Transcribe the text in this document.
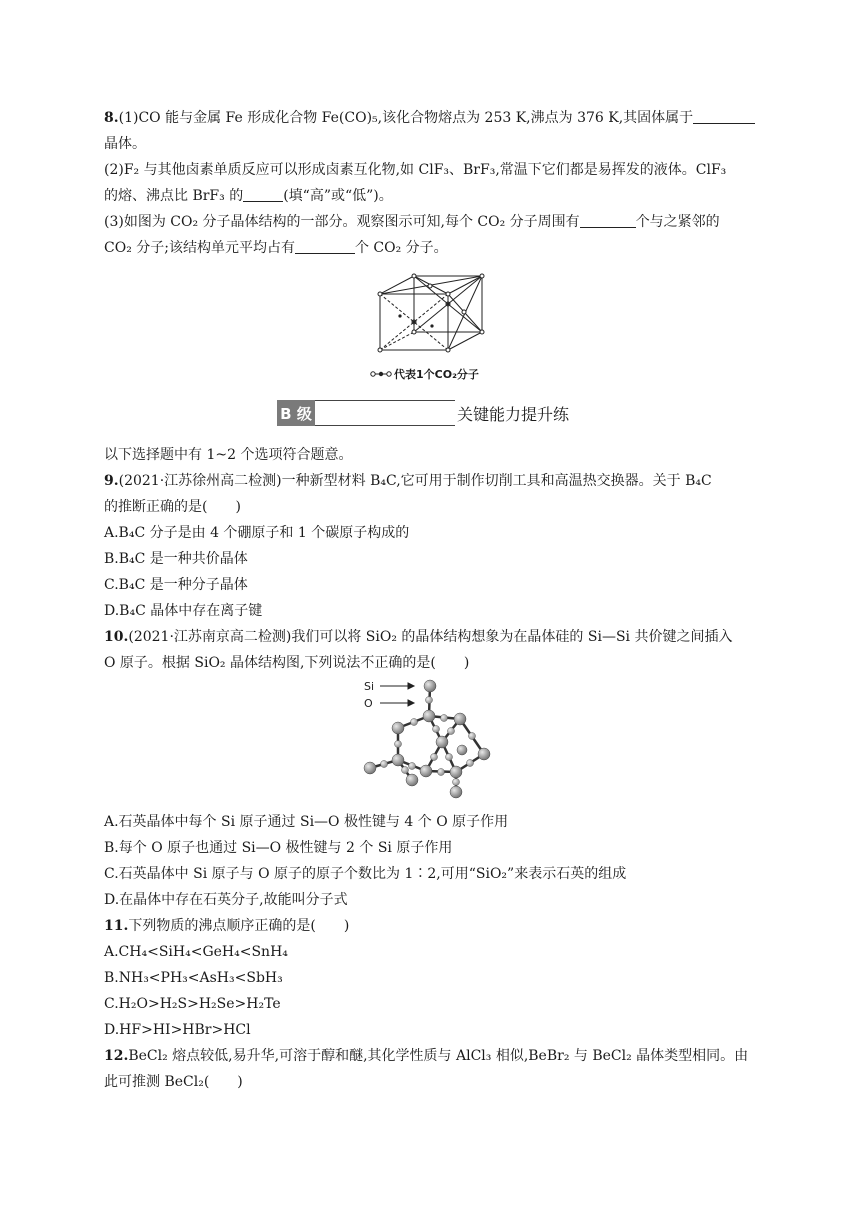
8.(1)CO 能与金属 Fe 形成化合物 Fe(CO)₅,该化合物熔点为 253 K,沸点为 376 K,其固体属于
晶体。
(2)F₂ 与其他卤素单质反应可以形成卤素互化物,如 ClF₃、BrF₃,常温下它们都是易挥发的液体。ClF₃
的熔、沸点比 BrF₃ 的	(填“高”或“低”)。
(3)如图为 CO₂ 分子晶体结构的一部分。观察图示可知,每个 CO₂ 分子周围有	个与之紧邻的
CO₂ 分子;该结构单元平均占有	个 CO₂ 分子。
代表1个CO₂分子
B 级	关键能力提升练
以下选择题中有 1~2 个选项符合题意。
9.(2021·江苏徐州高二检测)一种新型材料 B₄C,它可用于制作切削工具和高温热交换器。关于 B₄C
的推断正确的是(　　)
A.B₄C 分子是由 4 个硼原子和 1 个碳原子构成的
B.B₄C 是一种共价晶体
C.B₄C 是一种分子晶体
D.B₄C 晶体中存在离子键
10.(2021·江苏南京高二检测)我们可以将 SiO₂ 的晶体结构想象为在晶体硅的 Si—Si 共价键之间插入
O 原子。根据 SiO₂ 晶体结构图,下列说法不正确的是(　　)
Si
O
A.石英晶体中每个 Si 原子通过 Si—O 极性键与 4 个 O 原子作用
B.每个 O 原子也通过 Si—O 极性键与 2 个 Si 原子作用
C.石英晶体中 Si 原子与 O 原子的原子个数比为 1∶2,可用“SiO₂”来表示石英的组成
D.在晶体中存在石英分子,故能叫分子式
11.下列物质的沸点顺序正确的是(　　)
A.CH₄<SiH₄<GeH₄<SnH₄
B.NH₃<PH₃<AsH₃<SbH₃
C.H₂O>H₂S>H₂Se>H₂Te
D.HF>HI>HBr>HCl
12.BeCl₂ 熔点较低,易升华,可溶于醇和醚,其化学性质与 AlCl₃ 相似,BeBr₂ 与 BeCl₂ 晶体类型相同。由
此可推测 BeCl₂(　　)
